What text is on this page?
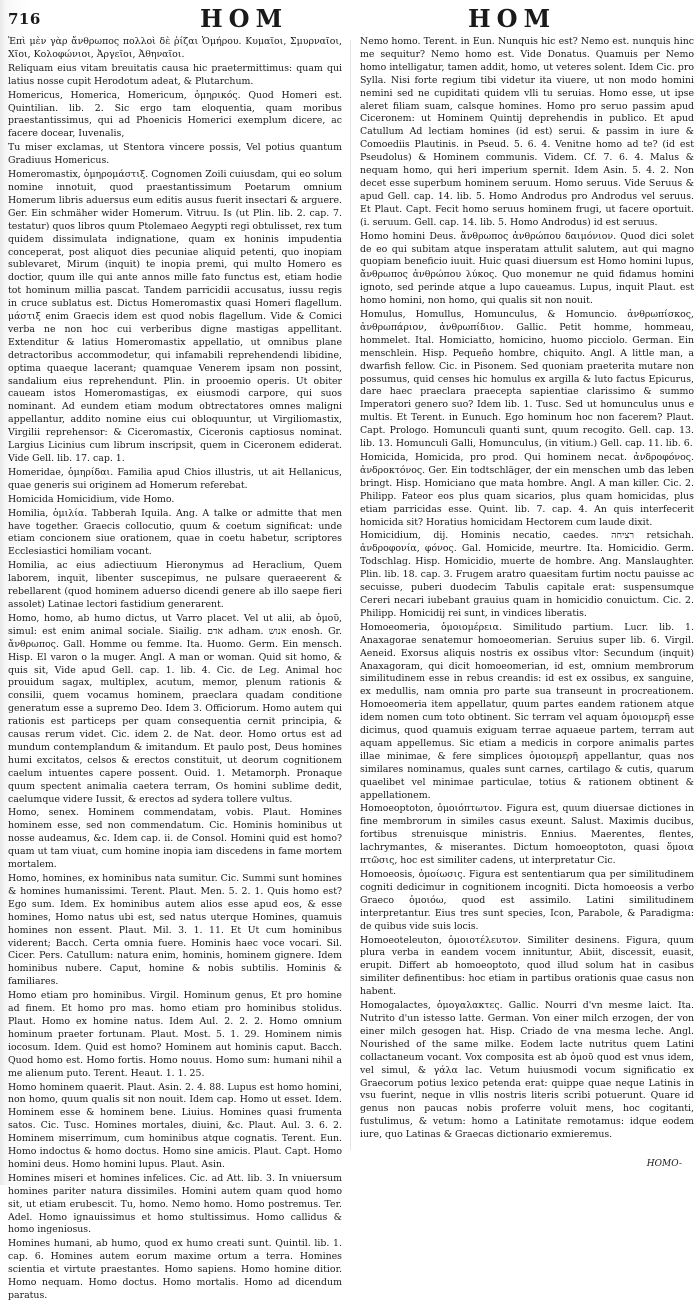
716	HOM	HOM

Ἐπὶ μὲν γὰρ ἄνθρωπος πολλοὶ δὲ ῥίζαι Ὁμήρου. Κυμαῖοι, Σμυρναῖοι, Χῖοι, Κολοφώνιοι, Ἀργεῖοι, Ἀθηναῖοι.

Reliquam eius vitam breuitatis causa hic praetermittimus: quam qui latius nosse cupit Herodotum adeat, & Plutarchum.

Homericus, Homerica, Homericum, ὁμηρικός. Quod Homeri est. Quintilian. lib. 2. Sic ergo tam eloquentia, quam moribus praestantissimus, qui ad Phoenicis Homerici exemplum dicere, ac facere docear, Iuvenalis,

Tu miser exclamas, ut Stentora vincere possis, Vel potius quantum Gradiuus Homericus.

Homeromastix, ὁμηρομάστιξ. Cognomen Zoili cuiusdam, qui eo solum nomine innotuit, quod praestantissimum Poetarum omnium Homerum libris aduersus eum editis ausus fuerit insectari & arguere. Ger. Ein schmäher wider Homerum. Vitruu. Is (ut Plin. lib. 2. cap. 7. testatur) quos libros quum Ptolemaeo Aegypti regi obtulisset, rex tum quidem dissimulata indignatione, quam ex honinis impudentia conceperat, post aliquot dies pecuniae aliquid petenti, quo inopiam sublevaret, Mirum (inquit) te inopia premi, qui multo Homero es doctior, quum ille qui ante annos mille fato functus est, etiam hodie tot hominum millia pascat. Tandem parricidii accusatus, iussu regis in cruce sublatus est. Dictus Homeromastix quasi Homeri flagellum. μάστιξ enim Graecis idem est quod nobis flagellum. Vide & Comici verba ne non hoc cui verberibus digne mastigas appellitant. Extenditur & latius Homeromastix appellatio, ut omnibus plane detractoribus accommodetur, qui infamabili reprehendendi libidine, optima quaeque lacerant; quamquae Venerem ipsam non possint, sandalium eius reprehendunt. Plin. in prooemio operis. Ut obiter caueam istos Homeromastigas, ex eiusmodi carpore, qui suos nominant. Ad eundem etiam modum obtrectatores omnes maligni appellantur, addito nomine eius cui obloquuntur, ut Virgiliomastix, Virgilii reprehensor: & Ciceromastix, Ciceronis captiosus nominat. Largius Licinius cum librum inscripsit, quem in Ciceronem ediderat. Vide Gell. lib. 17. cap. 1.

Homeridae, ὁμηρίδαι. Familia apud Chios illustris, ut ait Hellanicus, quae generis sui originem ad Homerum referebat.

Homicida Homicidium, vide Homo.

Homilia, ὁμιλία. Tabberah Iquila. Ang. A talke or admitte that men have together. Graecis collocutio, quum & coetum significat: unde etiam concionem siue orationem, quae in coetu habetur, scriptores Ecclesiastici homiliam vocant.

Homilia, ac eius adiectiuum Hieronymus ad Heraclium, Quem laborem, inquit, libenter suscepimus, ne pulsare queraeerent & rebellarent (quod hominem aduerso dicendi genere ab illo saepe fieri assolet) Latinae lectori fastidium generarent.

Homo, homo, ab humo dictus, ut Varro placet. Vel ut alii, ab ὁμοῦ, simul: est enim animal sociale. Siailig. אדם adham. אנוש enosh. Gr. ἄνθρωπος. Gall. Homme ou femme. Ita. Huomo. Germ. Ein mensch. Hisp. El varon o la muger. Angl. A man or woman. Quid sit homo, & quis sit, Vide apud Gell. cap. 1. lib. 4. Cic. de Leg. Animal hoc prouidum sagax, multiplex, acutum, memor, plenum rationis & consilii, quem vocamus hominem, praeclara quadam conditione generatum esse a supremo Deo. Idem 3. Officiorum. Homo autem qui rationis est particeps per quam consequentia cernit principia, & causas rerum videt. Cic. idem 2. de Nat. deor. Homo ortus est ad mundum contemplandum & imitandum. Et paulo post, Deus homines humi excitatos, celsos & erectos constituit, ut deorum cognitionem caelum intuentes capere possent. Ouid. 1. Metamorph. Pronaque quum spectent animalia caetera terram, Os homini sublime dedit, caelumque videre Iussit, & erectos ad sydera tollere vultus.

Homo, senex. Hominem commendatam, vobis. Plaut. Homines hominem esse, sed non commendatum. Cic. Hominis hominibus ut nosse audeamus, &c. Idem cap. ii. de Consol. Homini quid est homo? quam ut tam viuat, cum homine inopia iam discedens in fame mortem mortalem.

Homo, homines, ex hominibus nata sumitur. Cic. Summi sunt homines & homines humanissimi. Terent. Plaut. Men. 5. 2. 1. Quis homo est? Ego sum. Idem. Ex hominibus autem alios esse apud eos, & esse homines, Homo natus ubi est, sed natus uterque Homines, quamuis homines non essent. Plaut. Mil. 3. 1. 11. Et Ut cum hominibus viderent; Bacch. Certa omnia fuere. Hominis haec voce vocari. Sil. Cicer. Pers. Catullum: natura enim, hominis, hominem gignere. Idem hominibus nubere. Caput, homine & nobis subtilis. Hominis & familiares.

Homo etiam pro hominibus. Virgil. Hominum genus, Et pro homine ad finem. Et homo pro mas. homo etiam pro hominibus stolidus. Plaut. Homo ex homine natus. Idem Aul. 2. 2. 2. Homo omnium hominum praeter fortunam. Plaut. Most. 5. 1. 29. Hominem nimis iocosum. Idem. Quid est homo? Hominem aut hominis caput. Bacch. Quod homo est. Homo fortis. Homo nouus. Homo sum: humani nihil a me alienum puto. Terent. Heaut. 1. 1. 25.

Homo hominem quaerit. Plaut. Asin. 2. 4. 88. Lupus est homo homini, non homo, quum qualis sit non nouit. Idem cap. Homo ut esset. Idem. Hominem esse & hominem bene. Liuius. Homines quasi frumenta satos. Cic. Tusc. Homines mortales, diuini, &c. Plaut. Aul. 3. 6. 2. Hominem miserrimum, cum hominibus atque cognatis. Terent. Eun. Homo indoctus & homo doctus. Homo sine amicis. Plaut. Capt. Homo homini deus. Homo homini lupus. Plaut. Asin.

Homines miseri et homines infelices. Cic. ad Att. lib. 3. In vniuersum homines pariter natura dissimiles. Homini autem quam quod homo sit, ut etiam erubescit. Tu, homo. Nemo homo. Homo postremus. Ter. Adel. Homo ignauissimus et homo stultissimus. Homo callidus & homo ingeniosus.

Homines humani, ab humo, quod ex humo creati sunt. Quintil. lib. 1. cap. 6. Homines autem eorum maxime ortum a terra. Homines scientia et virtute praestantes. Homo sapiens. Homo homine ditior. Homo nequam. Homo doctus. Homo mortalis. Homo ad dicendum paratus.

Nemo homo. Terent. in Eun. Nunquis hic est? Nemo est. nunquis hinc me sequitur? Nemo homo est. Vide Donatus. Quamuis per Nemo homo intelligatur, tamen addit, homo, ut veteres solent. Idem Cic. pro Sylla. Nisi forte regium tibi videtur ita viuere, ut non modo homini nemini sed ne cupiditati quidem vlli tu seruias. Homo esse, ut ipse aleret filiam suam, calsque homines. Homo pro seruo passim apud Ciceronem: ut Hominem Quintij deprehendis in publico. Et apud Catullum Ad lectiam homines (id est) serui. & passim in iure & Comoediis Plautinis. in Pseud. 5. 6. 4. Venitne homo ad te? (id est Pseudolus) & Hominem communis. Videm. Cf. 7. 6. 4. Malus & nequam homo, qui heri imperium spernit. Idem Asin. 5. 4. 2. Non decet esse superbum hominem seruum. Homo seruus. Vide Seruus & apud Gell. cap. 14. lib. 5. Homo Androdus pro Androdus vel seruus. Et Plaut. Capt. Fecit homo seruus hominem frugi, ut facere oportuit. (i. seruum. Gell. cap. 14. lib. 5. Homo Androdus) id est seruus.

Homo homini Deus. ἄνθρωπος ἀνθρώπου δαιμόνιον. Quod dici solet de eo qui subitam atque insperatam attulit salutem, aut qui magno quopiam beneficio iuuit. Huic quasi diuersum est Homo homini lupus, ἄνθρωπος ἀνθρώπου λύκος. Quo monemur ne quid fidamus homini ignoto, sed perinde atque a lupo caueamus. Lupus, inquit Plaut. est homo homini, non homo, qui qualis sit non nouit.

Homulus, Homullus, Homunculus, & Homuncio. ἀνθρωπίσκος, ἀνθρωπάριον, ἀνθρωπίδιον. Gallic. Petit homme, hommeau, hommelet. Ital. Homiciatto, homicino, huomo picciolo. German. Ein menschlein. Hisp. Pequeño hombre, chiquito. Angl. A little man, a dwarfish fellow. Cic. in Pisonem. Sed quoniam praeterita mutare non possumus, quid censes hic homulus ex argilla & luto factus Epicurus, dare haec praeclara praecepta sapientiae clarissimo & summo Imperatori genero suo? Idem lib. 1. Tusc. Sed ut homunculus unus e multis. Et Terent. in Eunuch. Ego hominum hoc non facerem? Plaut. Capt. Prologo. Homunculi quanti sunt, quum recogito. Gell. cap. 13. lib. 13. Homunculi Galli, Homunculus, (in vitium.) Gell. cap. 11. lib. 6.

Homicida, Homicida, pro prod. Qui hominem necat. ἀνδροφόνος. ἀνδροκτόνος. Ger. Ein todtschläger, der ein menschen umb das leben bringt. Hisp. Homiciano que mata hombre. Angl. A man killer. Cic. 2. Philipp. Fateor eos plus quam sicarios, plus quam homicidas, plus etiam parricidas esse. Quint. lib. 7. cap. 4. An quis interfecerit homicida sit? Horatius homicidam Hectorem cum laude dixit.

Homicidium, dij. Hominis necatio, caedes. רציחה retsichah. ἀνδροφονία, φόνος. Gal. Homicide, meurtre. Ita. Homicidio. Germ. Todschlag. Hisp. Homicidio, muerte de hombre. Ang. Manslaughter. Plin. lib. 18. cap. 3. Frugem aratro quaesitam furtim noctu pauisse ac secuisse, puberi duodecim Tabulis capitale erat: suspensumque Cereri necari iubebant grauius quam in homicidio conuictum. Cic. 2. Philipp. Homicidij rei sunt, in vindices liberatis.

Homoeomeria, ὁμοιομέρεια. Similitudo partium. Lucr. lib. 1. Anaxagorae senatemur homoeomerian. Seruius super lib. 6. Virgil. Aeneid. Exorsus aliquis nostris ex ossibus vltor: Secundum (inquit) Anaxagoram, qui dicit homoeomerian, id est, omnium membrorum similitudinem esse in rebus creandis: id est ex ossibus, ex sanguine, ex medullis, nam omnia pro parte sua transeunt in procreationem. Homoeomeria item appellatur, quum partes eandem rationem atque idem nomen cum toto obtinent. Sic terram vel aquam ὁμοιομερῆ esse dicimus, quod quamuis exiguam terrae aquaeue partem, terram aut aquam appellemus. Sic etiam a medicis in corpore animalis partes illae minimae, & fere simplices ὁμοιομερῆ appellantur, quas nos similares nominamus, quales sunt carnes, cartilago & cutis, quarum quaelibet vel minimae particulae, totius & rationem obtinent & appellationem.

Homoeoptoton, ὁμοιόπτωτον. Figura est, quum diuersae dictiones in fine membrorum in similes casus exeunt. Salust. Maximis ducibus, fortibus strenuisque ministris. Ennius. Maerentes, flentes, lachrymantes, & miserantes. Dictum homoeoptoton, quasi ὅμοια πτῶσις, hoc est similiter cadens, ut interpretatur Cic.

Homoeosis, ὁμοίωσις. Figura est sententiarum qua per similitudinem cogniti dedicimur in cognitionem incogniti. Dicta homoeosis a verbo Graeco ὁμοιόω, quod est assimilo. Latini similitudinem interpretantur. Eius tres sunt species, Icon, Parabole, & Paradigma: de quibus vide suis locis.

Homoeoteleuton, ὁμοιοτέλευτον. Similiter desinens. Figura, quum plura verba in eandem vocem innituntur, Abiit, discessit, euasit, erupit. Differt ab homoeoptoto, quod illud solum hat in casibus similiter definentibus: hoc etiam in partibus orationis quae casus non habent.

Homogalactes, ὁμογαλακτες. Gallic. Nourri d'vn mesme laict. Ita. Nutrito d'un istesso latte. German. Von einer milch erzogen, der von einer milch gesogen hat. Hisp. Criado de vna mesma leche. Angl. Nourished of the same milke. Eodem lacte nutritus quem Latini collactaneum vocant. Vox composita est ab ὁμοῦ quod est vnus idem, vel simul, & γάλα lac. Vetum huiusmodi vocum significatio ex Graecorum potius lexico petenda erat: quippe quae neque Latinis in vsu fuerint, neque in vllis nostris literis scribi potuerunt. Quare id genus non paucas nobis proferre voluit mens, hoc cogitanti, fustulimus, & vetum: homo a Latinitate remotamus: idque eodem iure, quo Latinas & Graecas dictionario exmieremus.

HOMO-
